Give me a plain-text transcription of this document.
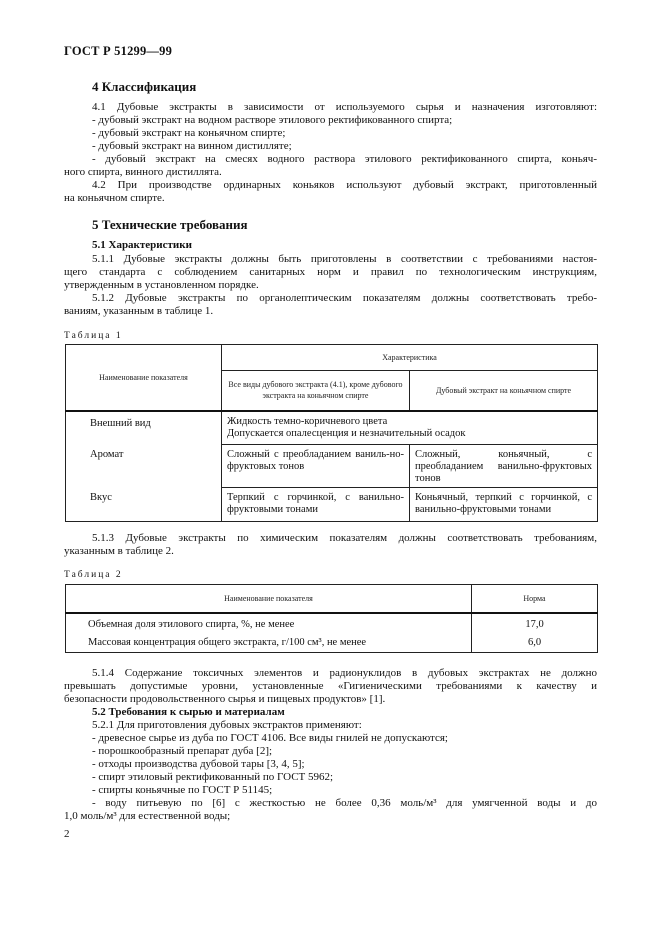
ГОСТ Р 51299—99
4 Классификация
4.1 Дубовые экстракты в зависимости от используемого сырья и назначения изготовляют:
- дубовый экстракт на водном растворе этилового ректификованного спирта;
- дубовый экстракт на коньячном спирте;
- дубовый экстракт на винном дистилляте;
- дубовый экстракт на смесях водного раствора этилового ректификованного спирта, коньяч-
ного спирта, винного дистиллята.
4.2 При производстве ординарных коньяков используют дубовый экстракт, приготовленный
на коньячном спирте.
5 Технические требования
5.1 Характеристики
5.1.1 Дубовые экстракты должны быть приготовлены в соответствии с требованиями настоя-
щего стандарта с соблюдением санитарных норм и правил по технологическим инструкциям,
утвержденным в установленном порядке.
5.1.2 Дубовые экстракты по органолептическим показателям должны соответствовать требо-
ваниям, указанным в таблице 1.
Таблица 1
Наименование показателя	Характеристика	
	Все виды дубового экстракта (4.1), кроме дубового экстракта на коньячном спирте	Дубовый экстракт на коньячном спирте
Внешний вид	Жидкость темно-коричневого цвета
Допускается опалесценция и незначительный осадок	
Аромат	Сложный с преобладанием ваниль-но-фруктовых тонов	Сложный, коньячный, с преобладанием ванильно-фруктовых тонов
Вкус	Терпкий с горчинкой, с ванильно-фруктовыми тонами	Коньячный, терпкий с горчинкой, с ванильно-фруктовыми тонами
5.1.3 Дубовые экстракты по химическим показателям должны соответствовать требованиям,
указанным в таблице 2.
Таблица 2
Наименование показателя	Норма
Объемная доля этилового спирта, %, не менее	17,0
Массовая концентрация общего экстракта, г/100 см³, не менее	6,0
5.1.4 Содержание токсичных элементов и радионуклидов в дубовых экстрактах не должно
превышать допустимые уровни, установленные «Гигиеническими требованиями к качеству и
безопасности продовольственного сырья и пищевых продуктов» [1].
5.2 Требования к сырью и материалам
5.2.1 Для приготовления дубовых экстрактов применяют:
- древесное сырье из дуба по ГОСТ 4106. Все виды гнилей не допускаются;
- порошкообразный препарат дуба [2];
- отходы производства дубовой тары [3, 4, 5];
- спирт этиловый ректификованный по ГОСТ 5962;
- спирты коньячные по ГОСТ Р 51145;
- воду питьевую по [6] с жесткостью не более 0,36 моль/м³ для умягченной воды и до
1,0 моль/м³ для естественной воды;
2
